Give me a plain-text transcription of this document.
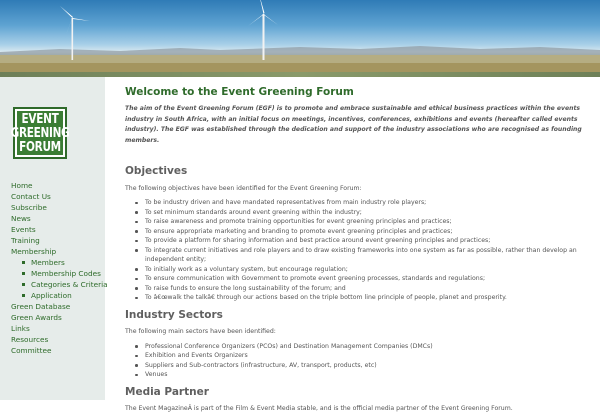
EVENT
GREENING
FORUM
Home
Contact Us
Subscribe
News
Events
Training
Membership
Members
Membership Codes
Categories & Criteria
Application
Green Database
Green Awards
Links
Resources
Committee
Welcome to the Event Greening Forum
The aim of the Event Greening Forum (EGF) is to promote and embrace sustainable and ethical business practices within the events industry in South Africa, with an initial focus on meetings, incentives, conferences, exhibitions and events (hereafter called events industry). The EGF was established through the dedication and support of the industry associations who are recognised as founding members.
Objectives
The following objectives have been identified for the Event Greening Forum:
To be industry driven and have mandated representatives from main industry role players;
To set minimum standards around event greening within the industry;
To raise awareness and promote training opportunities for event greening principles and practices;
To ensure appropriate marketing and branding to promote event greening principles and practices;
To provide a platform for sharing information and best practice around event greening principles and practices;
To integrate current initiatives and role players and to draw existing frameworks into one system as far as possible, rather than develop an independent entity;
To initially work as a voluntary system, but encourage regulation;
To ensure communication with Government to promote event greening processes, standards and regulations;
To raise funds to ensure the long sustainability of the forum; and
To â€œwalk the talkâ€ through our actions based on the triple bottom line principle of people, planet and prosperity.
Industry Sectors
The following main sectors have been identified:
Professional Conference Organizers (PCOs) and Destination Management Companies (DMCs)
Exhibition and Events Organizers
Suppliers and Sub-contractors (infrastructure, AV, transport, products, etc)
Venues
Media Partner
The Event MagazineÂ is part of the Film & Event Media stable, and is the official media partner of the Event Greening Forum.
